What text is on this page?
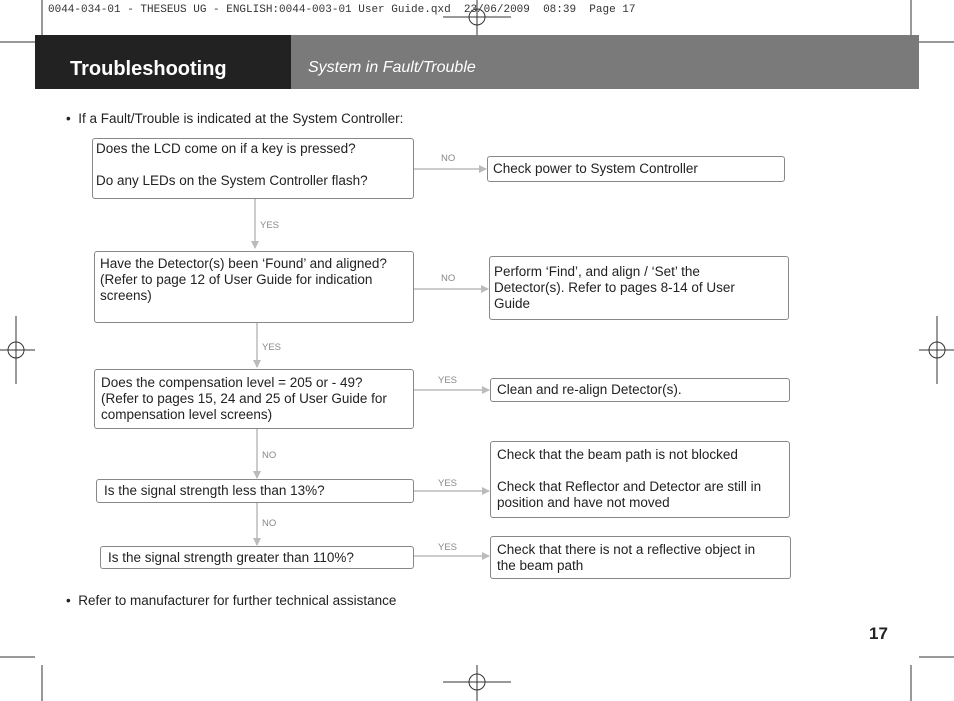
0044-034-01 - THESEUS UG - ENGLISH:0044-003-01 User Guide.qxd  23/06/2009  08:39  Page 17
Troubleshooting	System in Fault/Trouble
•  If a Fault/Trouble is indicated at the System Controller:
Does the LCD come on if a key is pressed?
Do any LEDs on the System Controller flash?
NO
Check power to System Controller
YES
Have the Detector(s) been ‘Found’ and aligned?
(Refer to page 12 of User Guide for indication
screens)
NO	Perform ‘Find’, and align / ‘Set’ the
Detector(s). Refer to pages 8-14 of User
Guide
YES
Does the compensation level = 205 or - 49?
(Refer to pages 15, 24 and 25 of User Guide for
compensation level screens)
YES
Clean and re-align Detector(s).
NO
Is the signal strength less than 13%?	YES
Check that the beam path is not blocked
Check that Reflector and Detector are still in
position and have not moved
NO
Is the signal strength greater than 110%?
YES	Check that there is not a reflective object in
the beam path
•  Refer to manufacturer for further technical assistance
17
